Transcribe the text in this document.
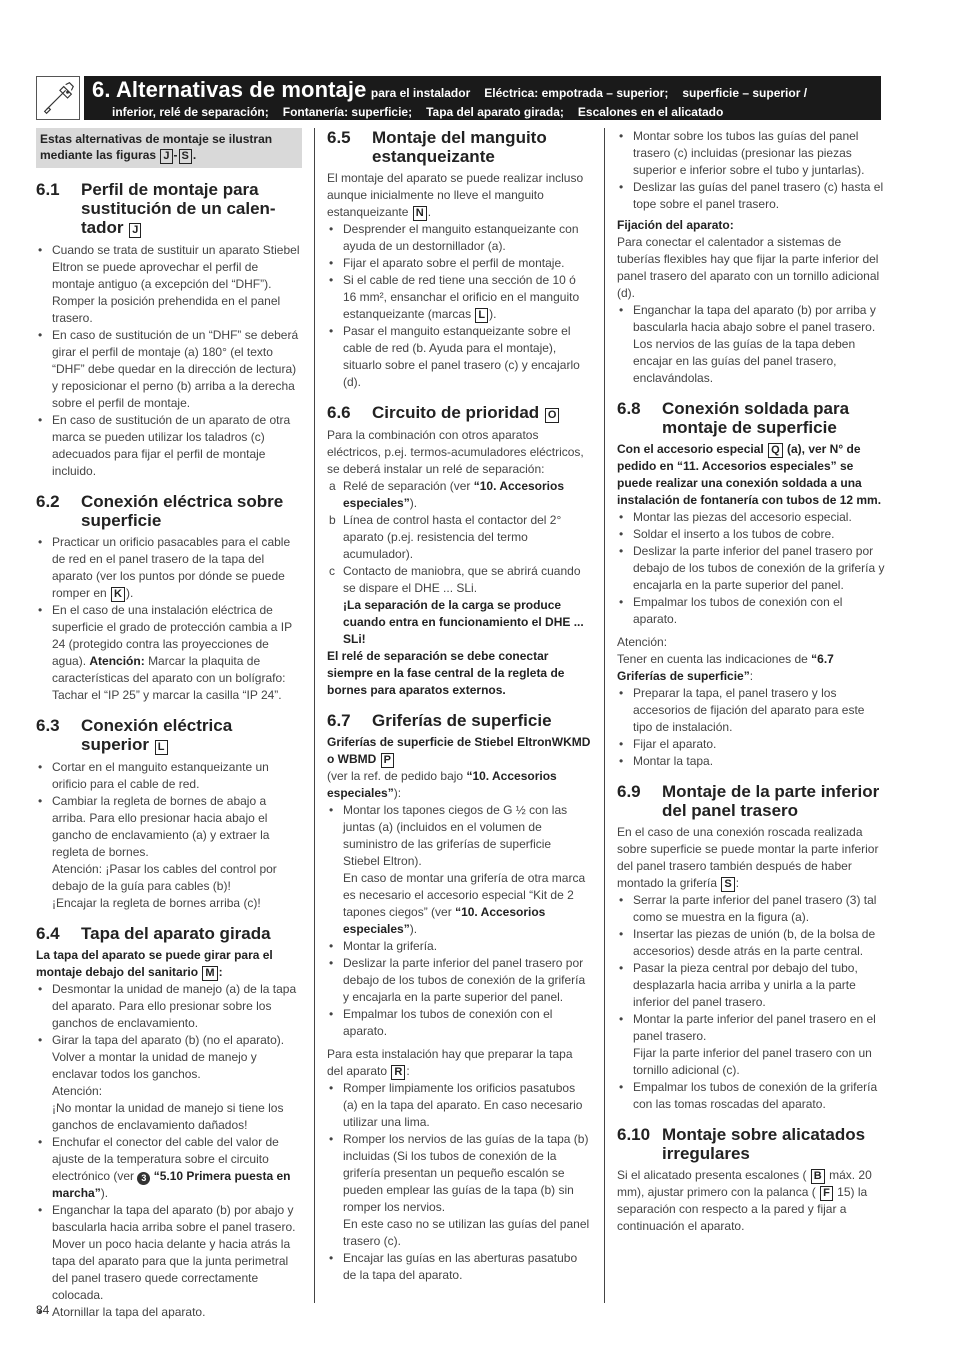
6. Alternativas de montaje para el instalador Eléctrica: empotrada – superior; superficie – superior /
inferior, relé de separación; Fontanería: superficie; Tapa del aparato girada; Escalones en el alicatado
Estas alternativas de montaje se ilustran mediante las figuras J - S .
6.1	Perfil de montaje para sustitución de un calen- tador J
• Cuando se trata de sustituir un aparato Stiebel Eltron se puede aprovechar el perfil de montaje antiguo (a excepción del “DHF”). Romper la posición prehendida en el panel trasero.
• En caso de sustitución de un “DHF” se deberá girar el perfil de montaje (a) 180° (el texto “DHF” debe quedar en la dirección de lectura) y reposicionar el perno (b) arriba a la derecha sobre el perfil de montaje.
• En caso de sustitución de un aparato de otra marca se pueden utilizar los taladros (c) adecuados para fijar el perfil de montaje incluido.
6.2	Conexión eléctrica sobre superficie
• Practicar un orificio pasacables para el cable de red en el panel trasero de la tapa del aparato (ver los puntos por dónde se puede romper en K ).
• En el caso de una instalación eléctrica de superficie el grado de protección cambia a IP 24 (protegido contra las proyecciones de agua). Atención: Marcar la plaquita de características del aparato con un bolígrafo: Tachar el “IP 25” y marcar la casilla “IP 24”.
6.3	Conexión eléctrica superior L
• Cortar en el manguito estanqueizante un orificio para el cable de red.
• Cambiar la regleta de bornes de abajo a arriba. Para ello presionar hacia abajo el gancho de enclavamiento (a) y extraer la regleta de bornes.
Atención: ¡Pasar los cables del control por debajo de la guía para cables (b)!
¡Encajar la regleta de bornes arriba (c)!
6.4	Tapa del aparato girada

La tapa del aparato se puede girar para el montaje debajo del sanitario M :

• Desmontar la unidad de manejo (a) de la tapa del aparato. Para ello presionar sobre los ganchos de enclavamiento.
• Girar la tapa del aparato (b) (no el aparato). Volver a montar la unidad de manejo y enclavar todos los ganchos.
Atención:
¡No montar la unidad de manejo si tiene los ganchos de enclavamiento dañados!
• Enchufar el conector del cable del valor de ajuste de la temperatura sobre el circuito electrónico (ver 3 “5.10 Primera puesta en marcha”).
• Enganchar la tapa del aparato (b) por abajo y bascularla hacia arriba sobre el panel trasero. Mover un poco hacia delante y hacia atrás la tapa del aparato para que la junta perimetral del panel trasero quede correctamente colocada.
• Atornillar la tapa del aparato.
6.5	Montaje del manguito estanqueizante

El montaje del aparato se puede realizar incluso aunque inicialmente no lleve el manguito estanqueizante N .

• Desprender el manguito estanqueizante con ayuda de un destornillador (a).
• Fijar el aparato sobre el perfil de montaje.
• Si el cable de red tiene una sección de 10 ó 16 mm², ensanchar el orificio en el manguito estanqueizante (marcas L ).
• Pasar el manguito estanqueizante sobre el cable de red (b. Ayuda para el montaje), situarlo sobre el panel trasero (c) y encajarlo (d).
6.6	Circuito de prioridad O

Para la combinación con otros aparatos eléctricos, p.ej. termos-acumuladores eléctricos, se deberá instalar un relé de separación:

a Relé de separación (ver “10. Accesorios especiales”).
b Línea de control hasta el contactor del 2° aparato (p.ej. resistencia del termo acumulador).
c Contacto de maniobra, que se abrirá cuando se dispare el DHE ... SLi.
¡La separación de la carga se produce cuando entra en funcionamiento el DHE ... SLi!

El relé de separación se debe conectar siempre en la fase central de la regleta de bornes para aparatos externos.

6.7	Griferías de superficie

Griferías de superficie de Stiebel EltronWKMD o WBMD P

(ver la ref. de pedido bajo “10. Accesorios especiales”):

• Montar los tapones ciegos de G ½ con las juntas (a) (incluidos en el volumen de suministro de las griferías de superficie Stiebel Eltron).
En caso de montar una grifería de otra marca es necesario el accesorio especial “Kit de 2 tapones ciegos” (ver “10. Accesorios especiales”).
• Montar la grifería.
• Deslizar la parte inferior del panel trasero por debajo de los tubos de conexión de la grifería y encajarla en la parte superior del panel.
• Empalmar los tubos de conexión con el aparato.

Para esta instalación hay que preparar la tapa del aparato R :

• Romper limpiamente los orificios pasatubos (a) en la tapa del aparato. En caso necesario utilizar una lima.
• Romper los nervios de las guías de la tapa (b) incluidas (Si los tubos de conexión de la grifería presentan un pequeño escalón se pueden emplear las guías de la tapa (b) sin romper los nervios.
En este caso no se utilizan las guías del panel trasero (c).
• Encajar las guías en las aberturas pasatubo de la tapa del aparato.
• Montar sobre los tubos las guías del panel trasero (c) incluidas (presionar las piezas superior e inferior sobre el tubo y juntarlas).
• Deslizar las guías del panel trasero (c) hasta el tope sobre el panel trasero.

Fijación del aparato:

Para conectar el calentador a sistemas de tuberías flexibles hay que fijar la parte inferior del panel trasero del aparato con un tornillo adicional (d).

• Enganchar la tapa del aparato (b) por arriba y bascularla hacia abajo sobre el panel trasero. Los nervios de las guías de la tapa deben encajar en las guías del panel trasero, enclavándolas.
6.8	Conexión soldada para montaje de superficie

Con el accesorio especial Q (a), ver N° de pedido en “11. Accesorios especiales” se puede realizar una conexión soldada a una instalación de fontanería con tubos de 12 mm.

• Montar las piezas del accesorio especial.
• Soldar el inserto a los tubos de cobre.
• Deslizar la parte inferior del panel trasero por debajo de los tubos de conexión de la grifería y encajarla en la parte superior del panel.
• Empalmar los tubos de conexión con el aparato.

Atención:

Tener en cuenta las indicaciones de “6.7 Griferías de superficie”:

• Preparar la tapa, el panel trasero y los accesorios de fijación del aparato para este tipo de instalación.
• Fijar el aparato.
• Montar la tapa.
6.9	Montaje de la parte inferior del panel trasero

En el caso de una conexión roscada realizada sobre superficie se puede montar la parte inferior del panel trasero también después de haber montado la grifería S :

• Serrar la parte inferior del panel trasero (3) tal como se muestra en la figura (a).
• Insertar las piezas de unión (b, de la bolsa de accesorios) desde atrás en la parte central.
• Pasar la pieza central por debajo del tubo, desplazarla hacia arriba y unirla a la parte inferior del panel trasero.
• Montar la parte inferior del panel trasero en el panel trasero.
Fijar la parte inferior del panel trasero con un tornillo adicional (c).
• Empalmar los tubos de conexión de la grifería con las tomas roscadas del aparato.
6.10 Montaje sobre alicatados irregulares

Si el alicatado presenta escalones ( B máx. 20 mm), ajustar primero con la palanca ( F 15) la separación con respecto a la pared y fijar a continuación el aparato.

84
